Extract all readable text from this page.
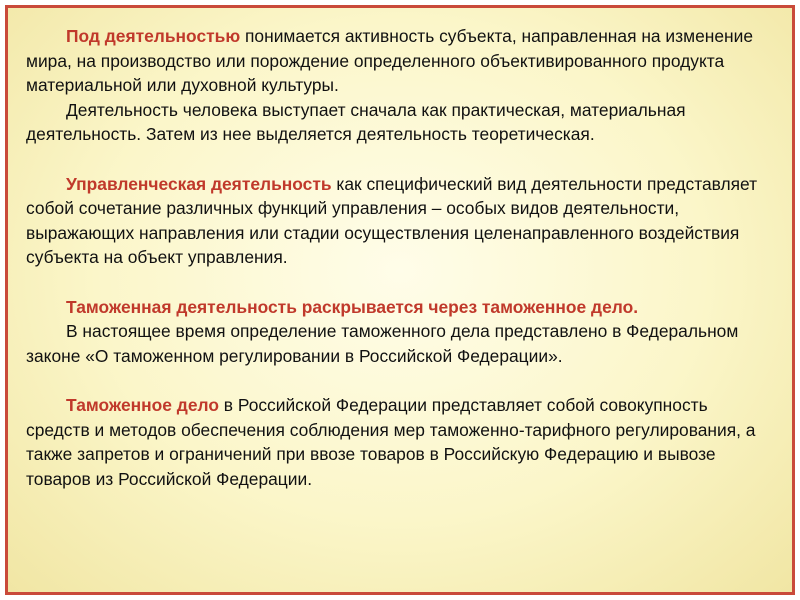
Под деятельностью понимается активность субъекта, направленная на изменение мира, на производство или порождение определенного объективированного продукта материальной или духовной культуры.

Деятельность человека выступает сначала как практическая, материальная деятельность. Затем из нее выделяется деятельность теоретическая.

Управленческая деятельность как специфический вид деятельности представляет собой сочетание различных функций управления – особых видов деятельности, выражающих направления или стадии осуществления целенаправленного воздействия субъекта на объект управления.

Таможенная деятельность раскрывается через таможенное дело.

В настоящее время определение таможенного дела представлено в Федеральном законе «О таможенном регулировании в Российской Федерации».

Таможенное дело в Российской Федерации представляет собой совокупность средств и методов обеспечения соблюдения мер таможенно-тарифного регулирования, а также запретов и ограничений при ввозе товаров в Российскую Федерацию и вывозе товаров из Российской Федерации.
